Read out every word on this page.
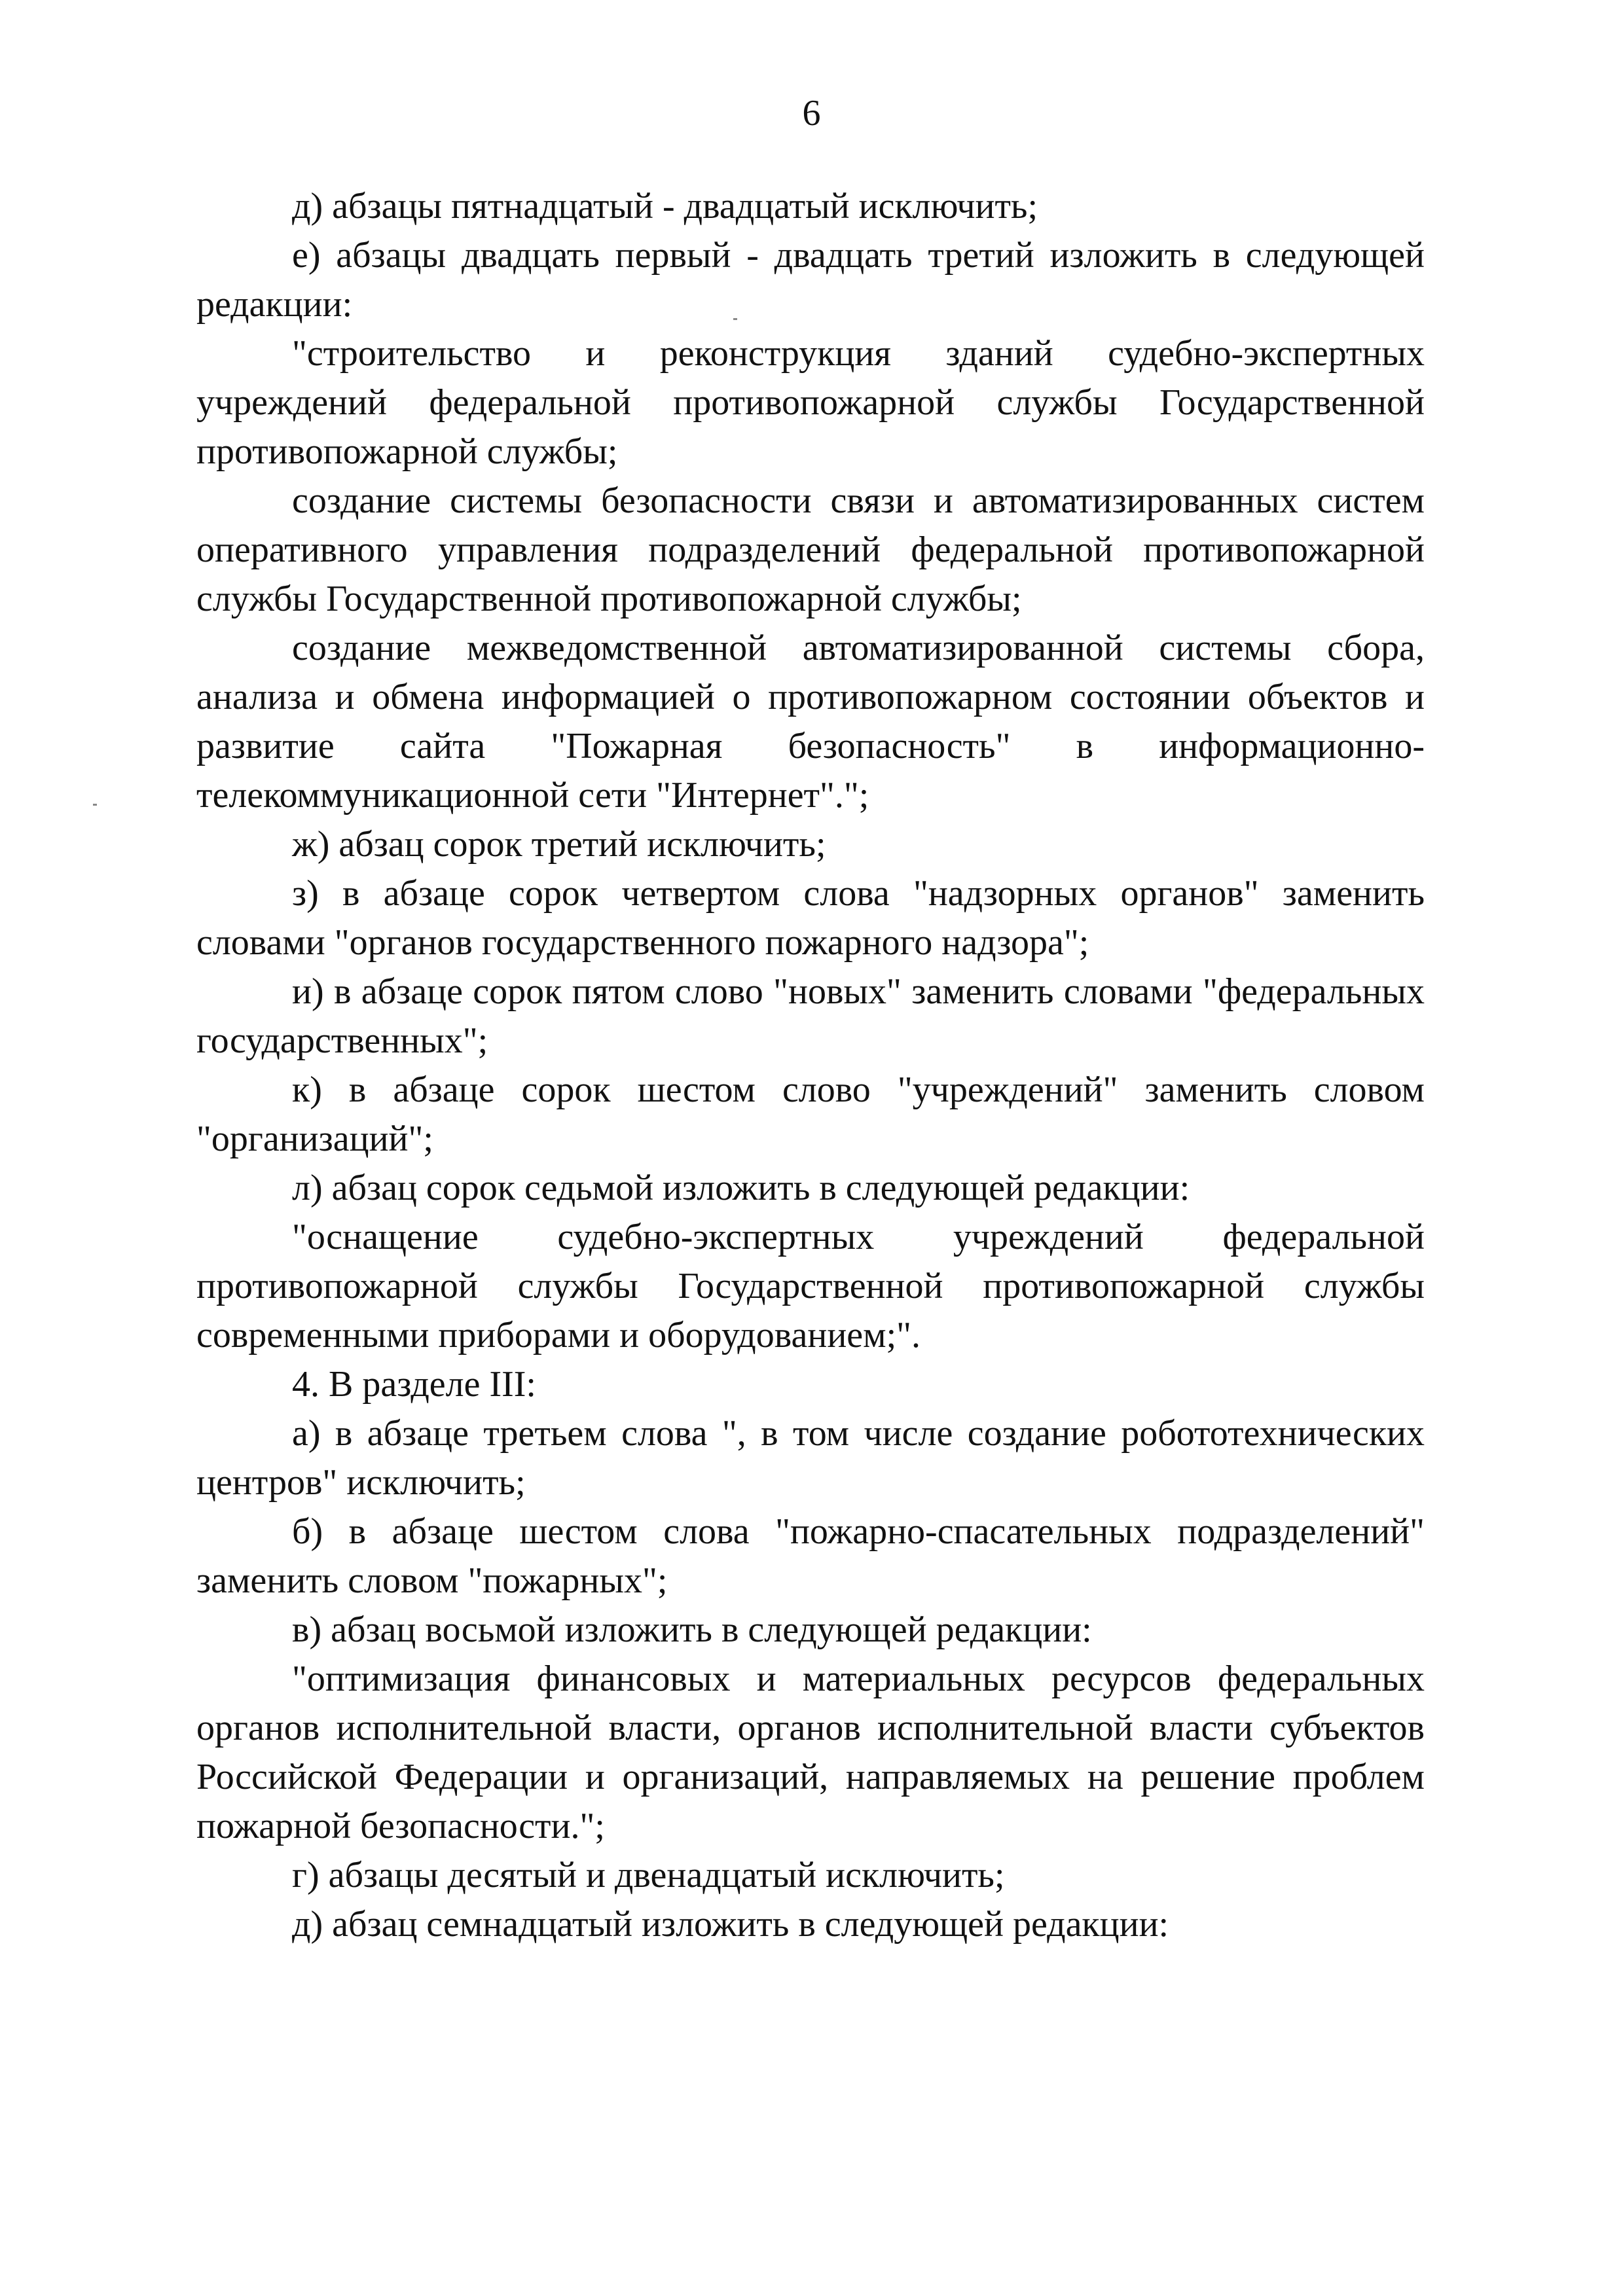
6

д) абзацы пятнадцатый - двадцатый исключить;

е) абзацы двадцать первый - двадцать третий изложить в следующей редакции:

"строительство и реконструкция зданий судебно-экспертных учреждений федеральной противопожарной службы Государственной противопожарной службы;

создание системы безопасности связи и автоматизированных систем оперативного управления подразделений федеральной противопожарной службы Государственной противопожарной службы;

создание межведомственной автоматизированной системы сбора, анализа и обмена информацией о противопожарном состоянии объектов и развитие сайта "Пожарная безопасность" в информационно-телекоммуникационной сети "Интернет".";

ж) абзац сорок третий исключить;

з) в абзаце сорок четвертом слова "надзорных органов" заменить словами "органов государственного пожарного надзора";

и) в абзаце сорок пятом слово "новых" заменить словами "федеральных государственных";

к) в абзаце сорок шестом слово "учреждений" заменить словом "организаций";

л) абзац сорок седьмой изложить в следующей редакции:

"оснащение судебно-экспертных учреждений федеральной противопожарной службы Государственной противопожарной службы современными приборами и оборудованием;".

4. В разделе III:

а) в абзаце третьем слова ", в том числе создание робототехнических центров" исключить;

б) в абзаце шестом слова "пожарно-спасательных подразделений" заменить словом "пожарных";

в) абзац восьмой изложить в следующей редакции:

"оптимизация финансовых и материальных ресурсов федеральных органов исполнительной власти, органов исполнительной власти субъектов Российской Федерации и организаций, направляемых на решение проблем пожарной безопасности.";

г) абзацы десятый и двенадцатый исключить;

д) абзац семнадцатый изложить в следующей редакции:
